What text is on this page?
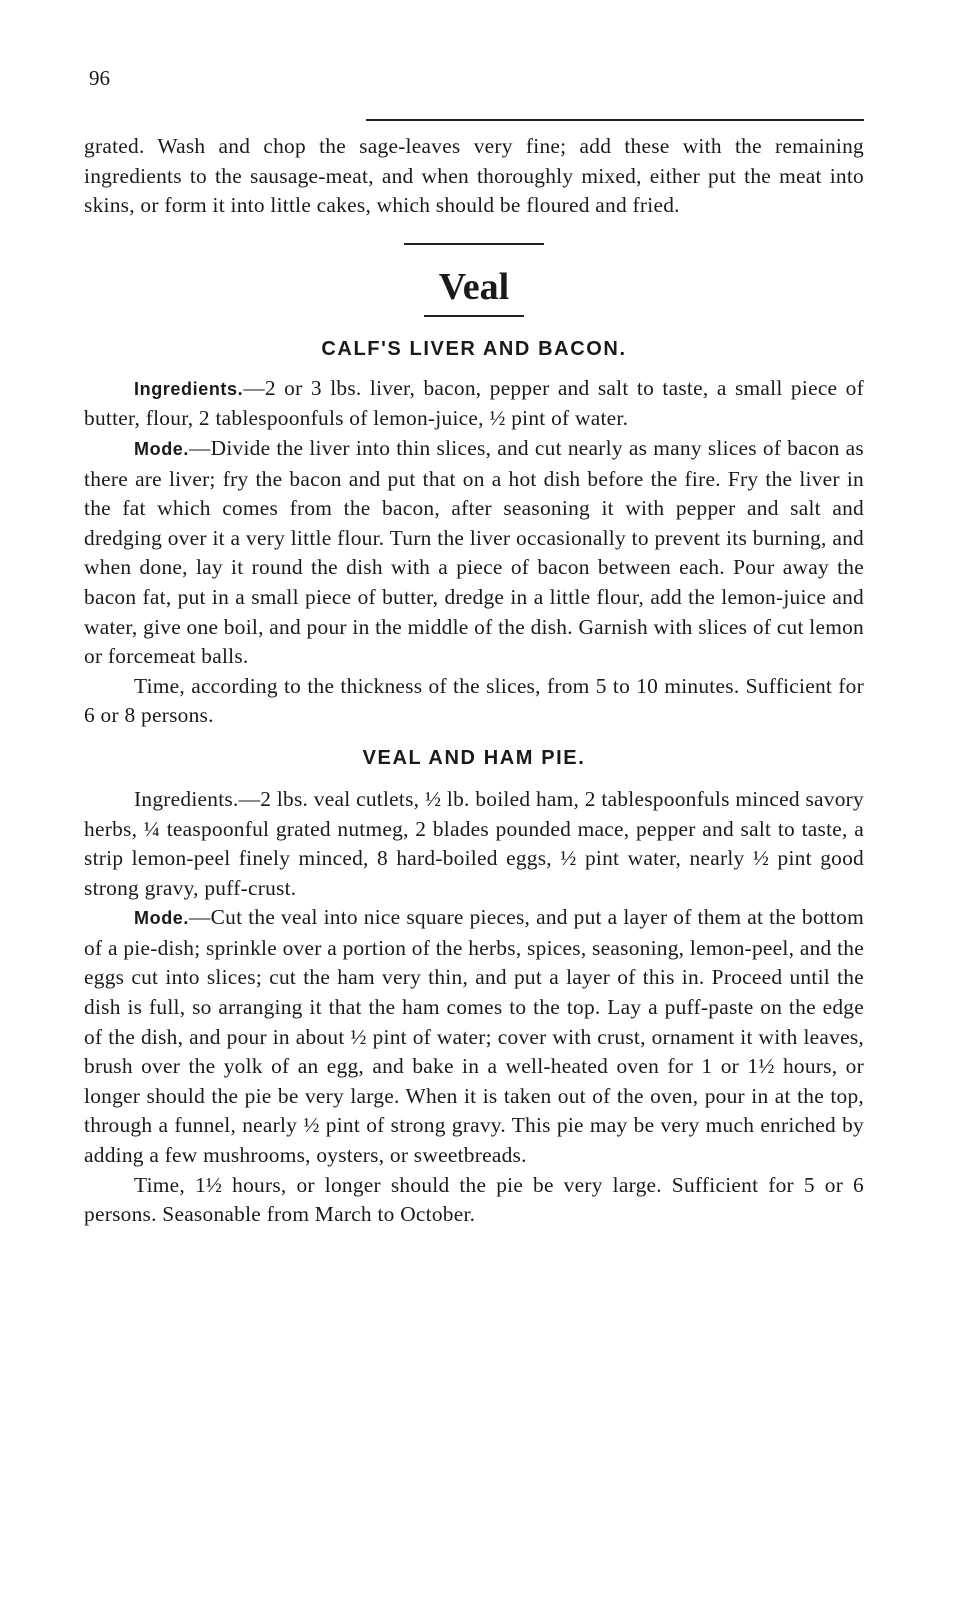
96

grated. Wash and chop the sage-leaves very fine; add these with the remaining ingredients to the sausage-meat, and when thoroughly mixed, either put the meat into skins, or form it into little cakes, which should be floured and fried.

Veal
CALF'S LIVER AND BACON.

Ingredients.—2 or 3 lbs. liver, bacon, pepper and salt to taste, a small piece of butter, flour, 2 tablespoonfuls of lemon-juice, ½ pint of water.

Mode.—Divide the liver into thin slices, and cut nearly as many slices of bacon as there are liver; fry the bacon and put that on a hot dish before the fire. Fry the liver in the fat which comes from the bacon, after seasoning it with pepper and salt and dredging over it a very little flour. Turn the liver occasionally to prevent its burning, and when done, lay it round the dish with a piece of bacon between each. Pour away the bacon fat, put in a small piece of butter, dredge in a little flour, add the lemon-juice and water, give one boil, and pour in the middle of the dish. Garnish with slices of cut lemon or forcemeat balls.

Time, according to the thickness of the slices, from 5 to 10 minutes. Sufficient for 6 or 8 persons.

VEAL AND HAM PIE.

Ingredients.—2 lbs. veal cutlets, ½ lb. boiled ham, 2 tablespoonfuls minced savory herbs, ¼ teaspoonful grated nutmeg, 2 blades pounded mace, pepper and salt to taste, a strip lemon-peel finely minced, 8 hard-boiled eggs, ½ pint water, nearly ½ pint good strong gravy, puff-crust.

Mode.—Cut the veal into nice square pieces, and put a layer of them at the bottom of a pie-dish; sprinkle over a portion of the herbs, spices, seasoning, lemon-peel, and the eggs cut into slices; cut the ham very thin, and put a layer of this in. Proceed until the dish is full, so arranging it that the ham comes to the top. Lay a puff-paste on the edge of the dish, and pour in about ½ pint of water; cover with crust, ornament it with leaves, brush over the yolk of an egg, and bake in a well-heated oven for 1 or 1½ hours, or longer should the pie be very large. When it is taken out of the oven, pour in at the top, through a funnel, nearly ½ pint of strong gravy. This pie may be very much enriched by adding a few mushrooms, oysters, or sweetbreads.

Time, 1½ hours, or longer should the pie be very large. Sufficient for 5 or 6 persons. Seasonable from March to October.
